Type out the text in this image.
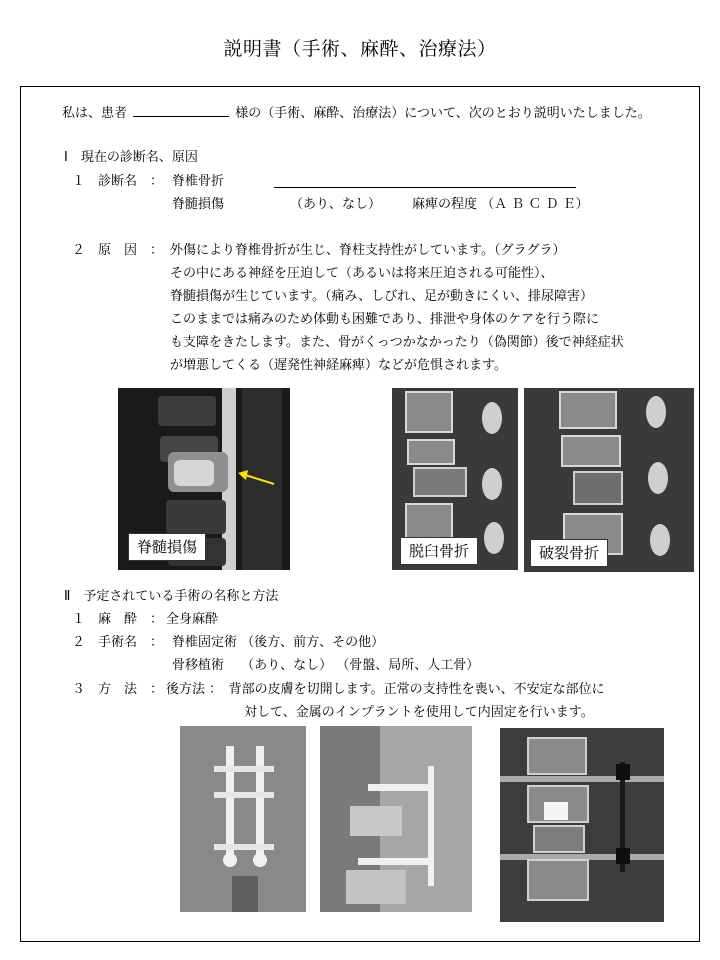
説明書（手術、麻酔、治療法）
私は、患者	様の（手術、麻酔、治療法）について、次のとおり説明いたしました。
Ⅰ　現在の診断名、原因
１　診断名　： 脊椎骨折
脊髄損傷	（あり、なし） 麻痺の程度 （Ａ Ｂ Ｃ Ｄ Ｅ）
２　原　因　： 外傷により脊椎骨折が生じ、脊柱支持性がしています。（グラグラ）
その中にある神経を圧迫して（あるいは将来圧迫される可能性）、
脊髄損傷が生じています。（痛み、しびれ、足が動きにくい、排尿障害）
このままでは痛みのため体動も困難であり、排泄や身体のケアを行う際に
も支障をきたします。また、骨がくっつかなかったり（偽関節）後で神経症状
が増悪してくる（遅発性神経麻痺）などが危惧されます。
脊髄損傷	脱臼骨折	破裂骨折
Ⅱ　予定されている手術の名称と方法
１　麻　酔　： 全身麻酔
２　手術名　： 脊椎固定術 （後方、前方、その他）
骨移植術　 （あり、なし） （骨盤、局所、人工骨）
３　方　法　： 後方法 ：　背部の皮膚を切開します。正常の支持性を喪い、不安定な部位に
対して、金属のインプラントを使用して内固定を行います。
